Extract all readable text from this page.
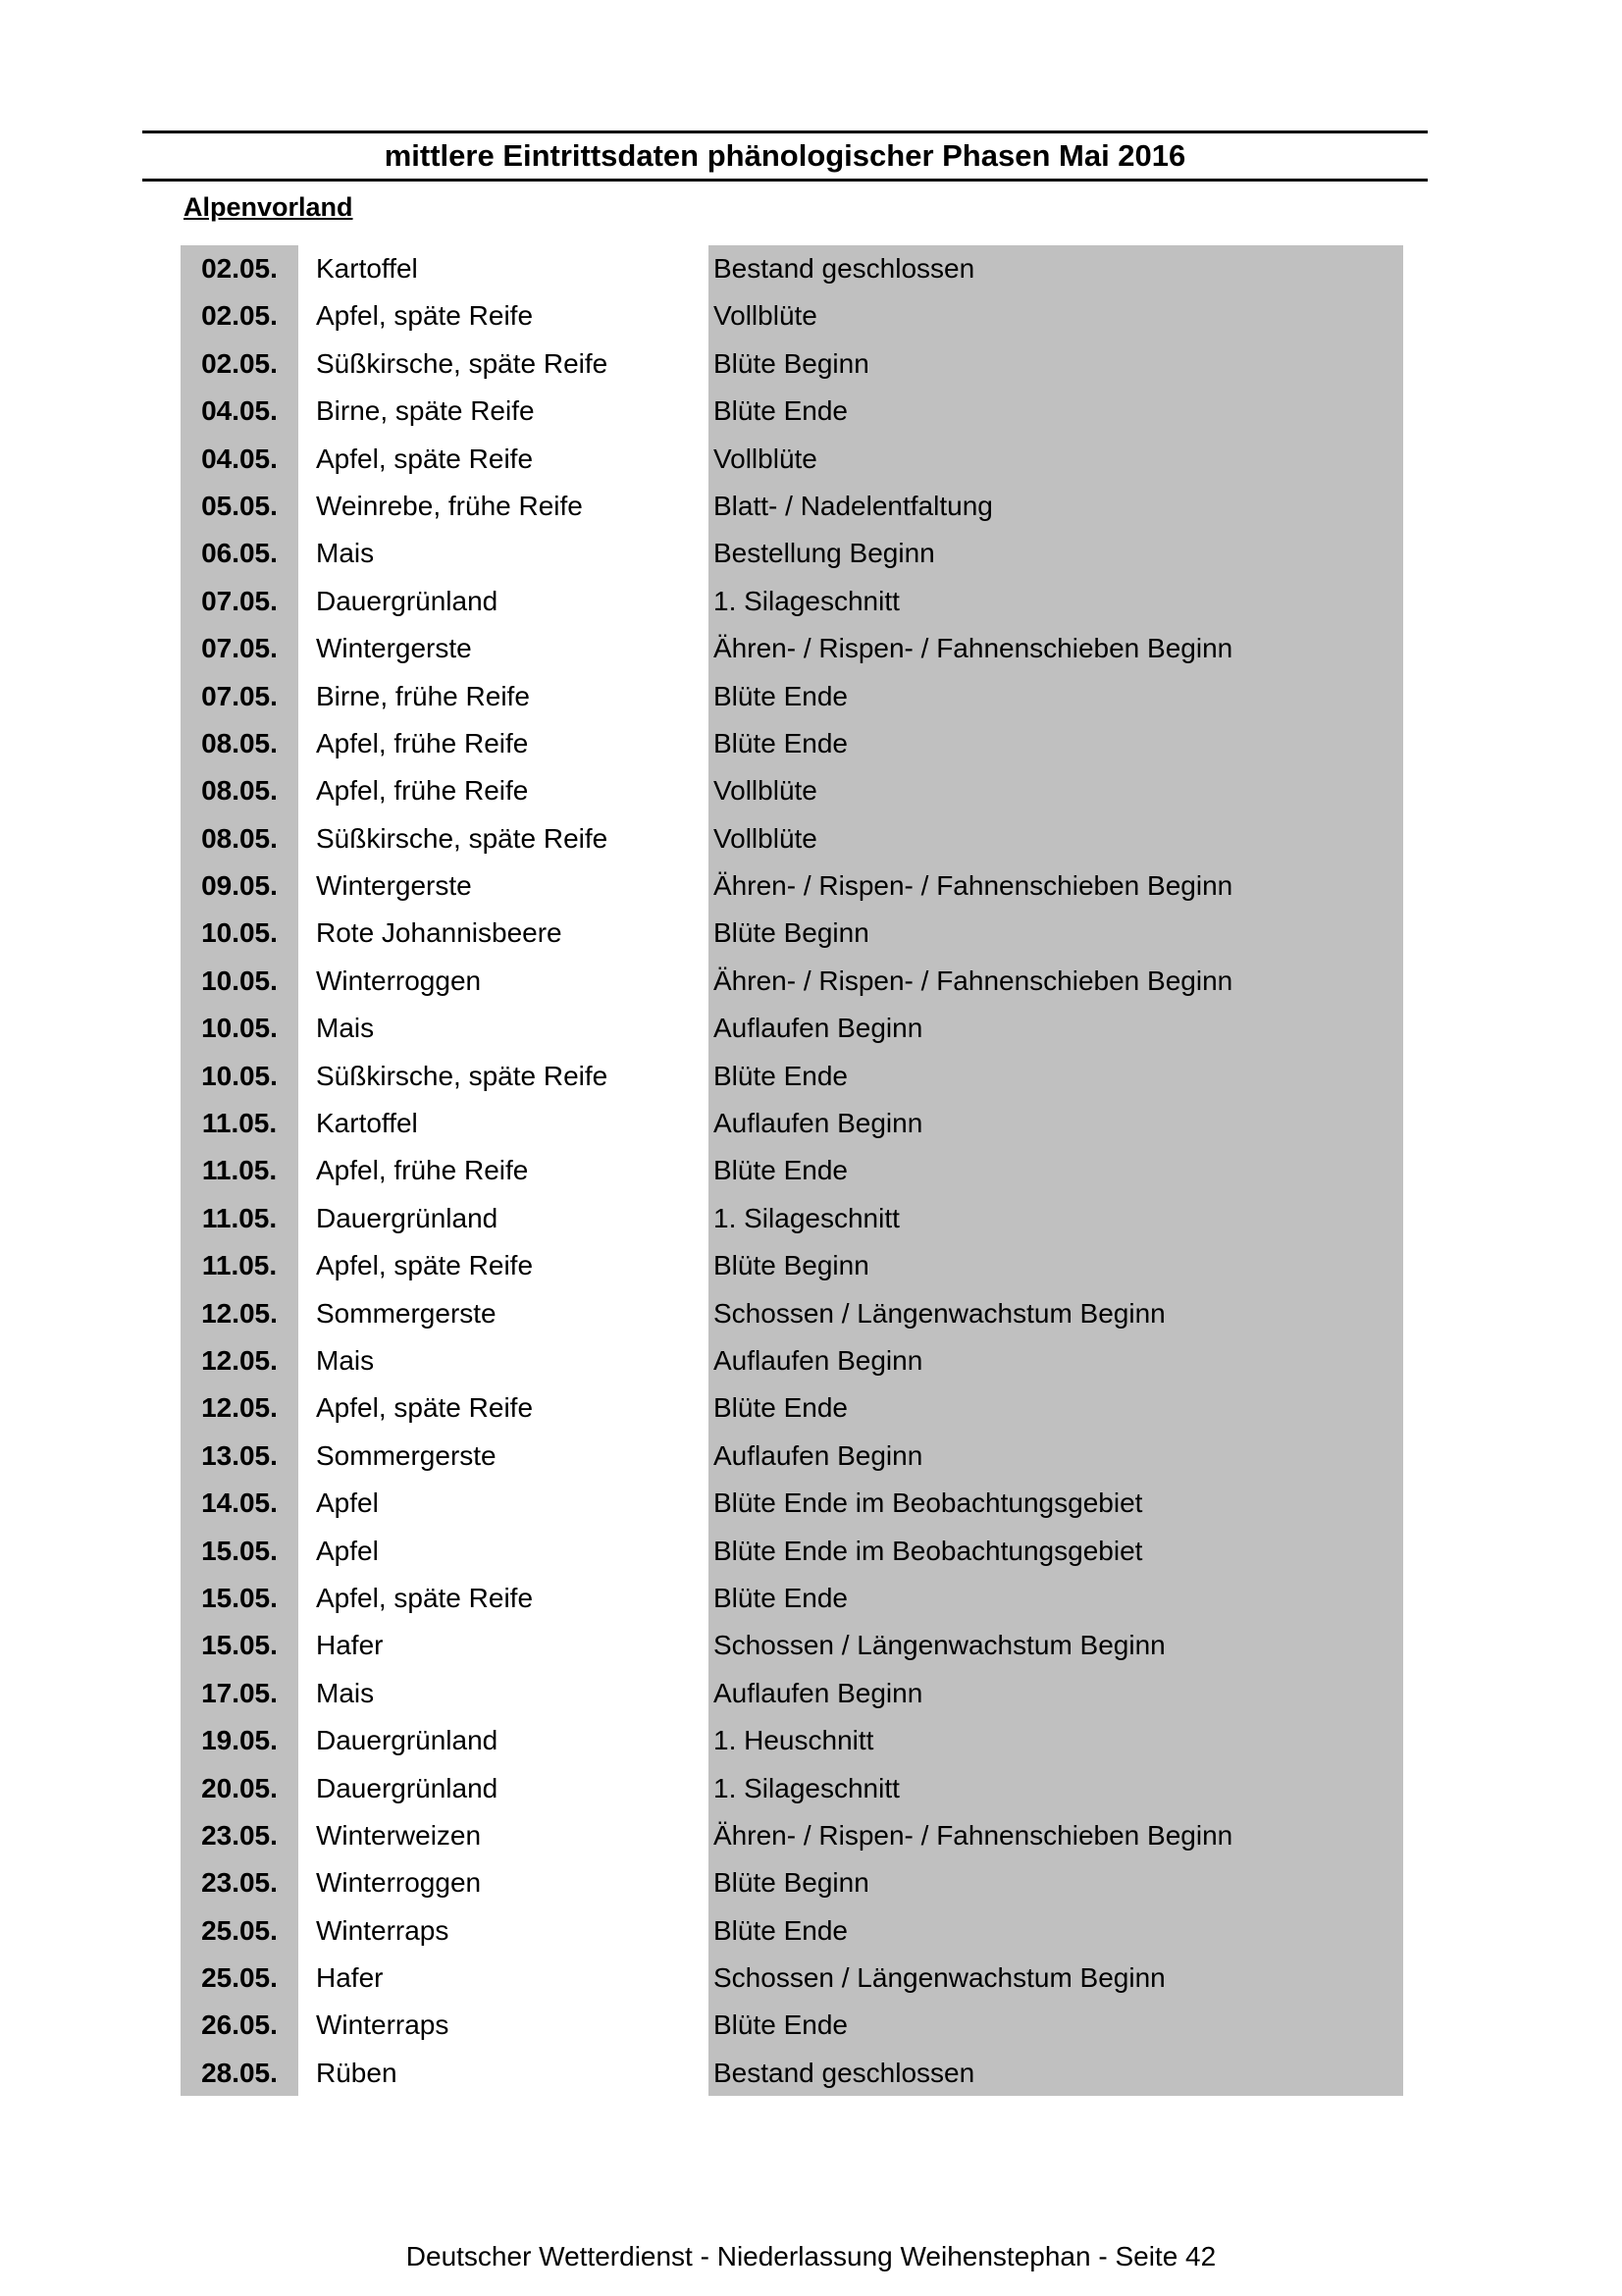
mittlere Eintrittsdaten phänologischer Phasen Mai 2016
Alpenvorland
02.05.	Kartoffel	Bestand geschlossen
02.05.	Apfel, späte Reife	Vollblüte
02.05.	Süßkirsche, späte Reife	Blüte Beginn
04.05.	Birne, späte Reife	Blüte Ende
04.05.	Apfel, späte Reife	Vollblüte
05.05.	Weinrebe, frühe Reife	Blatt- / Nadelentfaltung
06.05.	Mais	Bestellung Beginn
07.05.	Dauergrünland	1. Silageschnitt
07.05.	Wintergerste	Ähren- / Rispen- / Fahnenschieben Beginn
07.05.	Birne, frühe Reife	Blüte Ende
08.05.	Apfel, frühe Reife	Blüte Ende
08.05.	Apfel, frühe Reife	Vollblüte
08.05.	Süßkirsche, späte Reife	Vollblüte
09.05.	Wintergerste	Ähren- / Rispen- / Fahnenschieben Beginn
10.05.	Rote Johannisbeere	Blüte Beginn
10.05.	Winterroggen	Ähren- / Rispen- / Fahnenschieben Beginn
10.05.	Mais	Auflaufen Beginn
10.05.	Süßkirsche, späte Reife	Blüte Ende
11.05.	Kartoffel	Auflaufen Beginn
11.05.	Apfel, frühe Reife	Blüte Ende
11.05.	Dauergrünland	1. Silageschnitt
11.05.	Apfel, späte Reife	Blüte Beginn
12.05.	Sommergerste	Schossen / Längenwachstum Beginn
12.05.	Mais	Auflaufen Beginn
12.05.	Apfel, späte Reife	Blüte Ende
13.05.	Sommergerste	Auflaufen Beginn
14.05.	Apfel	Blüte Ende im Beobachtungsgebiet
15.05.	Apfel	Blüte Ende im Beobachtungsgebiet
15.05.	Apfel, späte Reife	Blüte Ende
15.05.	Hafer	Schossen / Längenwachstum Beginn
17.05.	Mais	Auflaufen Beginn
19.05.	Dauergrünland	1. Heuschnitt
20.05.	Dauergrünland	1. Silageschnitt
23.05.	Winterweizen	Ähren- / Rispen- / Fahnenschieben Beginn
23.05.	Winterroggen	Blüte Beginn
25.05.	Winterraps	Blüte Ende
25.05.	Hafer	Schossen / Längenwachstum Beginn
26.05.	Winterraps	Blüte Ende
28.05.	Rüben	Bestand geschlossen
Deutscher Wetterdienst - Niederlassung Weihenstephan - Seite 42
